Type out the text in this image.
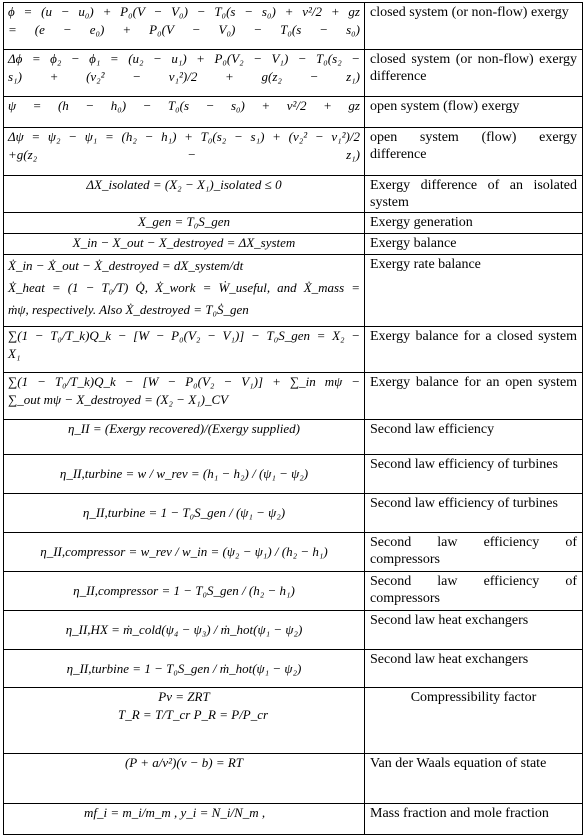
ϕ = (u − u₀) + P₀(V − V₀) − T₀(s − s₀) + v²/2 + gz
= (e − e₀) + P₀(V − V₀) − T₀(s − s₀)	closed system (or non-flow) exergy

Δϕ = ϕ₂ − ϕ₁ = (u₂ − u₁) + P₀(V₂ − V₁) − T₀(s₂ −
s₁) + (v₂² − v₁²)/2 + g(z₂ − z₁)	closed system (or non-flow) exergy difference

ψ = (h − h₀) − T₀(s − s₀) + v²/2 + gz	open system (flow) exergy

Δψ = ψ₂ − ψ₁ = (h₂ − h₁) + T₀(s₂ − s₁) + (v₂² − v₁²)/2
+g(z₂ − z₁)	open system (flow) exergy difference

ΔX_isolated = (X₂ − X₁)_isolated ≤ 0	Exergy difference of an isolated system

X_gen = T₀S_gen	Exergy generation

X_in − X_out − X_destroyed = ΔX_system	Exergy balance

Ẋ_in − Ẋ_out − Ẋ_destroyed = dX_system/dt
Ẋ_heat = (1 − T₀/T) Q̇, Ẋ_work = Ẇ_useful, and Ẋ_mass =
ṁψ, respectively. Also Ẋ_destroyed = T₀Ṡ_gen	Exergy rate balance

∑(1 − T₀/T_k)Q_k − [W − P₀(V₂ − V₁)] − T₀S_gen = X₂ −
X₁	Exergy balance for a closed system

∑(1 − T₀/T_k)Q_k − [W − P₀(V₂ − V₁)] + ∑_in mψ −
∑_out mψ − X_destroyed = (X₂ − X₁)_CV	Exergy balance for an open system

η_II = (Exergy recovered)/(Exergy supplied)	Second law efficiency

η_II,turbine = w / w_rev = (h₁ − h₂) / (ψ₁ − ψ₂)	Second law efficiency of turbines

η_II,turbine = 1 − T₀S_gen / (ψ₁ − ψ₂)	Second law efficiency of turbines

η_II,compressor = w_rev / w_in = (ψ₂ − ψ₁) / (h₂ − h₁)	Second law efficiency of compressors

η_II,compressor = 1 − T₀S_gen / (h₂ − h₁)	Second law efficiency of compressors

η_II,HX = ṁ_cold(ψ₄ − ψ₃) / ṁ_hot(ψ₁ − ψ₂)	Second law heat exchangers

η_II,turbine = 1 − T₀S_gen / ṁ_hot(ψ₁ − ψ₂)	Second law heat exchangers

Pv = ZRT
T_R = T/T_cr P_R = P/P_cr	Compressibility factor

(P + a/v²)(v − b) = RT	Van der Waals equation of state

mf_i = m_i/m_m , y_i = N_i/N_m ,	Mass fraction and mole fraction
